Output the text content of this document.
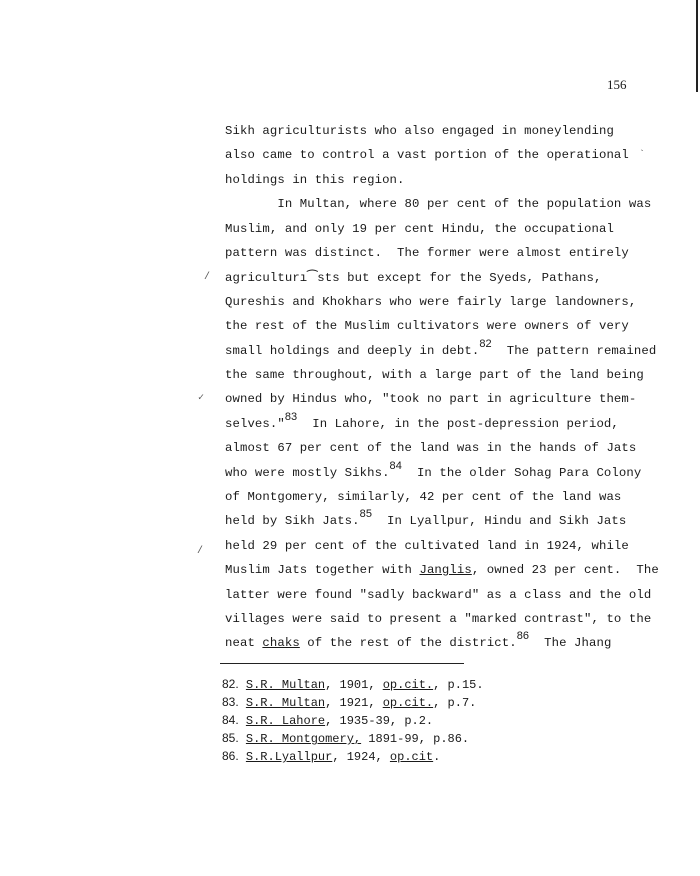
156
Sikh agriculturists who also engaged in moneylending
also came to control a vast portion of the operational
holdings in this region.
In Multan, where 80 per cent of the population was
Muslim, and only 19 per cent Hindu, the occupational
pattern was distinct.  The former were almost entirely
agriculturı⁀sts but except for the Syeds, Pathans,
Qureshis and Khokhars who were fairly large landowners,
the rest of the Muslim cultivators were owners of very
small holdings and deeply in debt.82  The pattern remained
the same throughout, with a large part of the land being
owned by Hindus who, "took no part in agriculture them-
selves."83  In Lahore, in the post-depression period,
almost 67 per cent of the land was in the hands of Jats
who were mostly Sikhs.84  In the older Sohag Para Colony
of Montgomery, similarly, 42 per cent of the land was
held by Sikh Jats.85  In Lyallpur, Hindu and Sikh Jats
held 29 per cent of the cultivated land in 1924, while
Muslim Jats together with Janglis, owned 23 per cent.  The
latter were found "sadly backward" as a class and the old
villages were said to present a "marked contrast", to the
neat chaks of the rest of the district.86  The Jhang
82. S.R. Multan, 1901, op.cit., p.15.
83. S.R. Multan, 1921, op.cit., p.7.
84. S.R. Lahore, 1935-39, p.2.
85. S.R. Montgomery, 1891-99, p.86.
86. S.R.Lyallpur, 1924, op.cit.
/
✓
/
`
